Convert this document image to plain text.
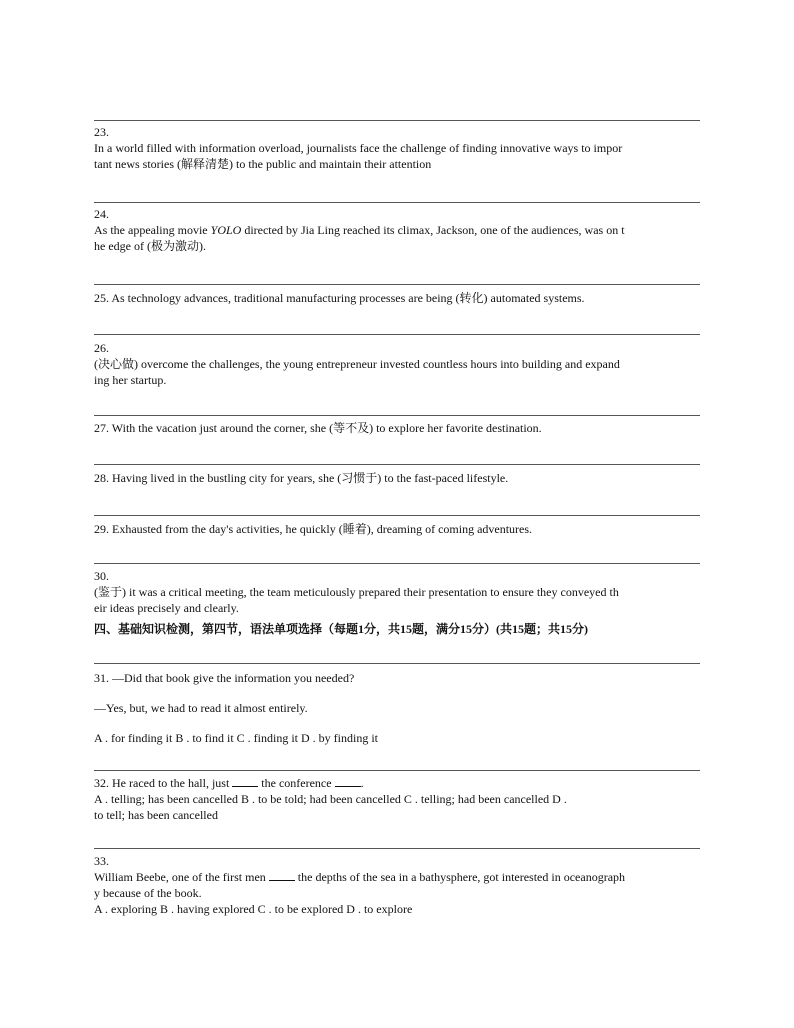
23.
In a world filled with information overload, journalists face the challenge of finding innovative ways to impor
tant news stories (解释清楚) to the public and maintain their attention
24.
As the appealing movie YOLO directed by Jia Ling reached its climax, Jackson, one of the audiences, was on t
he edge of (极为激动).
25. As technology advances, traditional manufacturing processes are being (转化) automated systems.
26.
(决心做) overcome the challenges, the young entrepreneur invested countless hours into building and expand
ing her startup.
27. With the vacation just around the corner, she (等不及) to explore her favorite destination.
28. Having lived in the bustling city for years, she (习惯于) to the fast-paced lifestyle.
29. Exhausted from the day's activities, he quickly (睡着), dreaming of coming adventures.
30.
(鉴于) it was a critical meeting, the team meticulously prepared their presentation to ensure they conveyed th
eir ideas precisely and clearly.
四、基础知识检测，第四节，语法单项选择（每题1分，共15题，满分15分）(共15题；共15分)
31. —Did that book give the information you needed?
—Yes, but, we had to read it almost entirely.
A . for finding it B . to find it C . finding it D . by finding it
32. He raced to the hall, just  the conference .
A . telling; has been cancelled B . to be told; had been cancelled C . telling; had been cancelled D .
to tell; has been cancelled
33.
William Beebe, one of the first men  the depths of the sea in a bathysphere, got interested in oceanograph
y because of the book.
A . exploring B . having explored C . to be explored D . to explore
